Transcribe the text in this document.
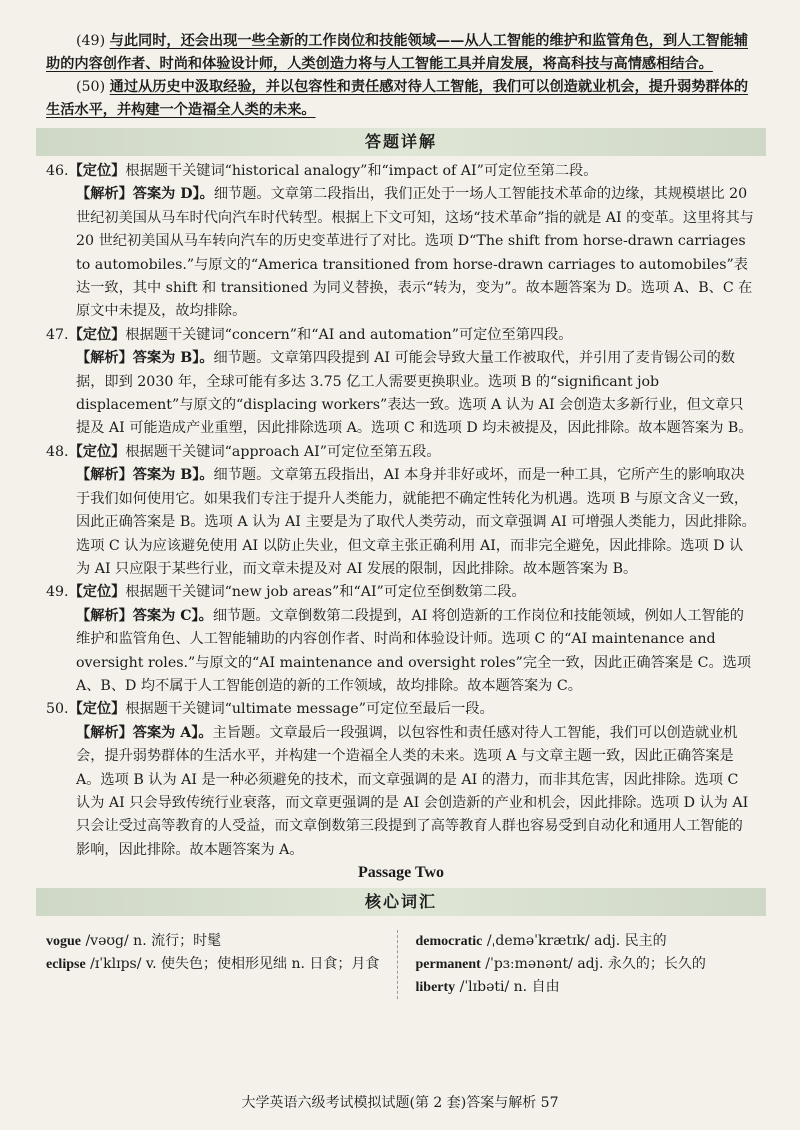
(49) 与此同时，还会出现一些全新的工作岗位和技能领域——从人工智能的维护和监管角色，到人工智能辅助的内容创作者、时尚和体验设计师，人类创造力将与人工智能工具并肩发展，将高科技与高情感相结合。

(50) 通过从历史中汲取经验，并以包容性和责任感对待人工智能，我们可以创造就业机会，提升弱势群体的生活水平，并构建一个造福全人类的未来。

答题详解
46.【定位】根据题干关键词“historical analogy”和“impact of AI”可定位至第二段。
【解析】答案为 D】。细节题。文章第二段指出，我们正处于一场人工智能技术革命的边缘，其规模堪比 20 世纪初美国从马车时代向汽车时代转型。根据上下文可知，这场“技术革命”指的就是 AI 的变革。这里将其与 20 世纪初美国从马车转向汽车的历史变革进行了对比。选项 D“The shift from horse-drawn carriages to automobiles.”与原文的“America transitioned from horse-drawn carriages to automobiles”表达一致，其中 shift 和 transitioned 为同义替换，表示“转为，变为”。故本题答案为 D。选项 A、B、C 在原文中未提及，故均排除。
47.【定位】根据题干关键词“concern”和“AI and automation”可定位至第四段。
【解析】答案为 B】。细节题。文章第四段提到 AI 可能会导致大量工作被取代，并引用了麦肯锡公司的数据，即到 2030 年，全球可能有多达 3.75 亿工人需要更换职业。选项 B 的“significant job displacement”与原文的“displacing workers”表达一致。选项 A 认为 AI 会创造太多新行业，但文章只提及 AI 可能造成产业重塑，因此排除选项 A。选项 C 和选项 D 均未被提及，因此排除。故本题答案为 B。
48.【定位】根据题干关键词“approach AI”可定位至第五段。
【解析】答案为 B】。细节题。文章第五段指出，AI 本身并非好或坏，而是一种工具，它所产生的影响取决于我们如何使用它。如果我们专注于提升人类能力，就能把不确定性转化为机遇。选项 B 与原文含义一致，因此正确答案是 B。选项 A 认为 AI 主要是为了取代人类劳动，而文章强调 AI 可增强人类能力，因此排除。选项 C 认为应该避免使用 AI 以防止失业，但文章主张正确利用 AI，而非完全避免，因此排除。选项 D 认为 AI 只应限于某些行业，而文章未提及对 AI 发展的限制，因此排除。故本题答案为 B。
49.【定位】根据题干关键词“new job areas”和“AI”可定位至倒数第二段。
【解析】答案为 C】。细节题。文章倒数第二段提到，AI 将创造新的工作岗位和技能领域，例如人工智能的维护和监管角色、人工智能辅助的内容创作者、时尚和体验设计师。选项 C 的“AI maintenance and oversight roles.”与原文的“AI maintenance and oversight roles”完全一致，因此正确答案是 C。选项 A、B、D 均不属于人工智能创造的新的工作领域，故均排除。故本题答案为 C。
50.【定位】根据题干关键词“ultimate message”可定位至最后一段。
【解析】答案为 A】。主旨题。文章最后一段强调，以包容性和责任感对待人工智能，我们可以创造就业机会，提升弱势群体的生活水平，并构建一个造福全人类的未来。选项 A 与文章主题一致，因此正确答案是 A。选项 B 认为 AI 是一种必须避免的技术，而文章强调的是 AI 的潜力，而非其危害，因此排除。选项 C 认为 AI 只会导致传统行业衰落，而文章更强调的是 AI 会创造新的产业和机会，因此排除。选项 D 认为 AI 只会让受过高等教育的人受益，而文章倒数第三段提到了高等教育人群也容易受到自动化和通用人工智能的影响，因此排除。故本题答案为 A。
Passage Two
核心词汇
vogue /vəʊg/ n. 流行；时髦
eclipse /ɪˈklɪps/ v. 使失色；使相形见绌 n. 日食；月食
democratic /ˌdeməˈkrætɪk/ adj. 民主的
permanent /ˈpɜːmənənt/ adj. 永久的；长久的
liberty /ˈlɪbəti/ n. 自由
大学英语六级考试模拟试题(第 2 套)答案与解析 57
